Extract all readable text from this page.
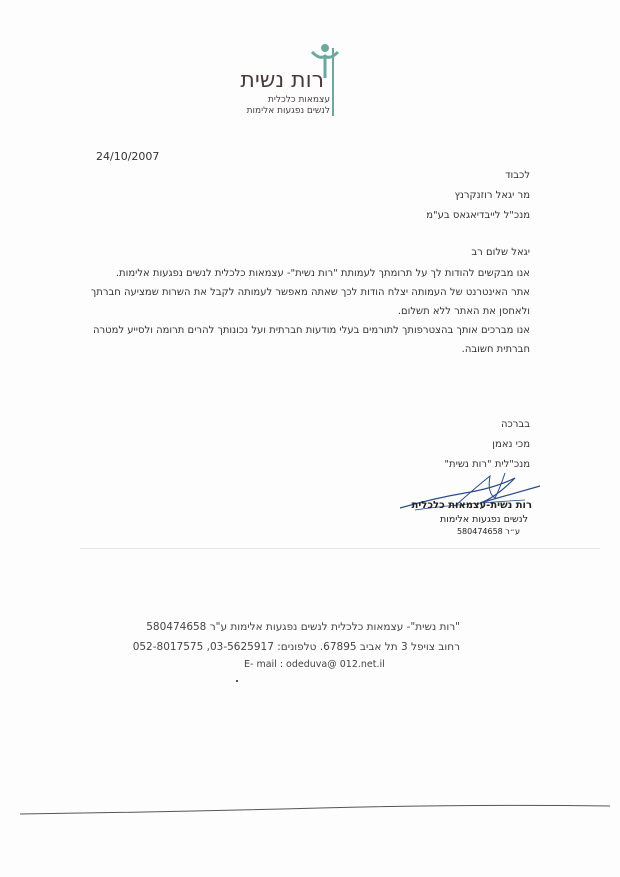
רות נשית
עצמאות כלכלית
לנשים נפגעות אלימות
24/10/2007
לכבוד
מר יגאל רוזנקרנץ
מנכ"ל לייבדיאגאס בע"מ
יגאל שלום רב
אנו מבקשים להודות לך על תרומתך לעמותת "רות נשית"- עצמאות כלכלית לנשים נפגעות אלימות.
אתר האינטרנט של העמותה יצלח הודות לכך שאתה מאפשר לעמותה לקבל את השרות שמציעה חברתך
ולאחסן את האתר ללא תשלום.
אנו מברכים אותך בהצטרפותך לתורמים בעלי מודעות חברתית ועל נכונותך להרים תרומה ולסייע למטרה
חברתית חשובה.
בברכה
מכי נאמן
מנכ"לית "רות נשית"
רות נשית-עצמאות כלכלית
לנשים נפגעות אלימות
ע״ר 580474658
"רות נשית"- עצמאות כלכלית לנשים נפגעות אלימות ע"ר 580474658
רחוב צויפל 3 תל אביב 67895. טלפונים: 03-5625917, 052-8017575
E- mail : odeduva@ 012.net.il
